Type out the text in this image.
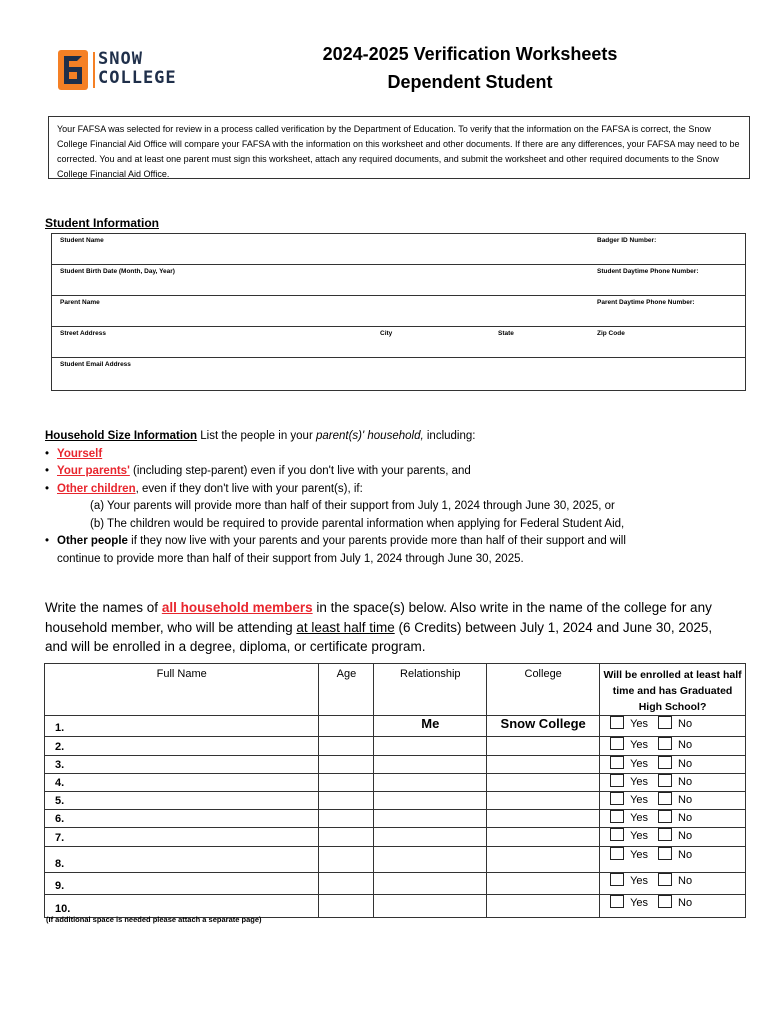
SNOW
COLLEGE
2024-2025 Verification Worksheets
Dependent Student
Your FAFSA was selected for review in a process called verification by the Department of Education. To verify that the information on the FAFSA is correct, the Snow College Financial Aid Office will compare your FAFSA with the information on this worksheet and other documents. If there are any differences, your FAFSA may need to be corrected. You and at least one parent must sign this worksheet, attach any required documents, and submit the worksheet and other required documents to the Snow College Financial Aid Office.
Student Information
Student Name	Badger ID Number:
Student Birth Date (Month, Day, Year)	Student Daytime Phone Number:
Parent Name	Parent Daytime Phone Number:
Street Address	City	State	Zip Code
Student Email Address
Household Size Information List the people in your parent(s)' household, including:
• Yourself
• Your parents' (including step-parent) even if you don't live with your parents, and
• Other children, even if they don't live with your parent(s), if:
(a) Your parents will provide more than half of their support from July 1, 2024 through June 30, 2025, or
(b) The children would be required to provide parental information when applying for Federal Student Aid,
• Other people if they now live with your parents and your parents provide more than half of their support and will
continue to provide more than half of their support from July 1, 2024 through June 30, 2025.
Write the names of all household members in the space(s) below. Also write in the name of the college for any household member, who will be attending at least half time (6 Credits) between July 1, 2024 and June 30, 2025, and will be enrolled in a degree, diploma, or certificate program.
Full Name	Age	Relationship	College	Will be enrolled at least half time and has Graduated High School?
1.		Me	Snow College	Yes No
2.				Yes No
3.				Yes No
4.				Yes No
5.				Yes No
6.				Yes No
7.				Yes No
8.				Yes No
9.				Yes No
10.				Yes No
(If additional space is needed please attach a separate page)
